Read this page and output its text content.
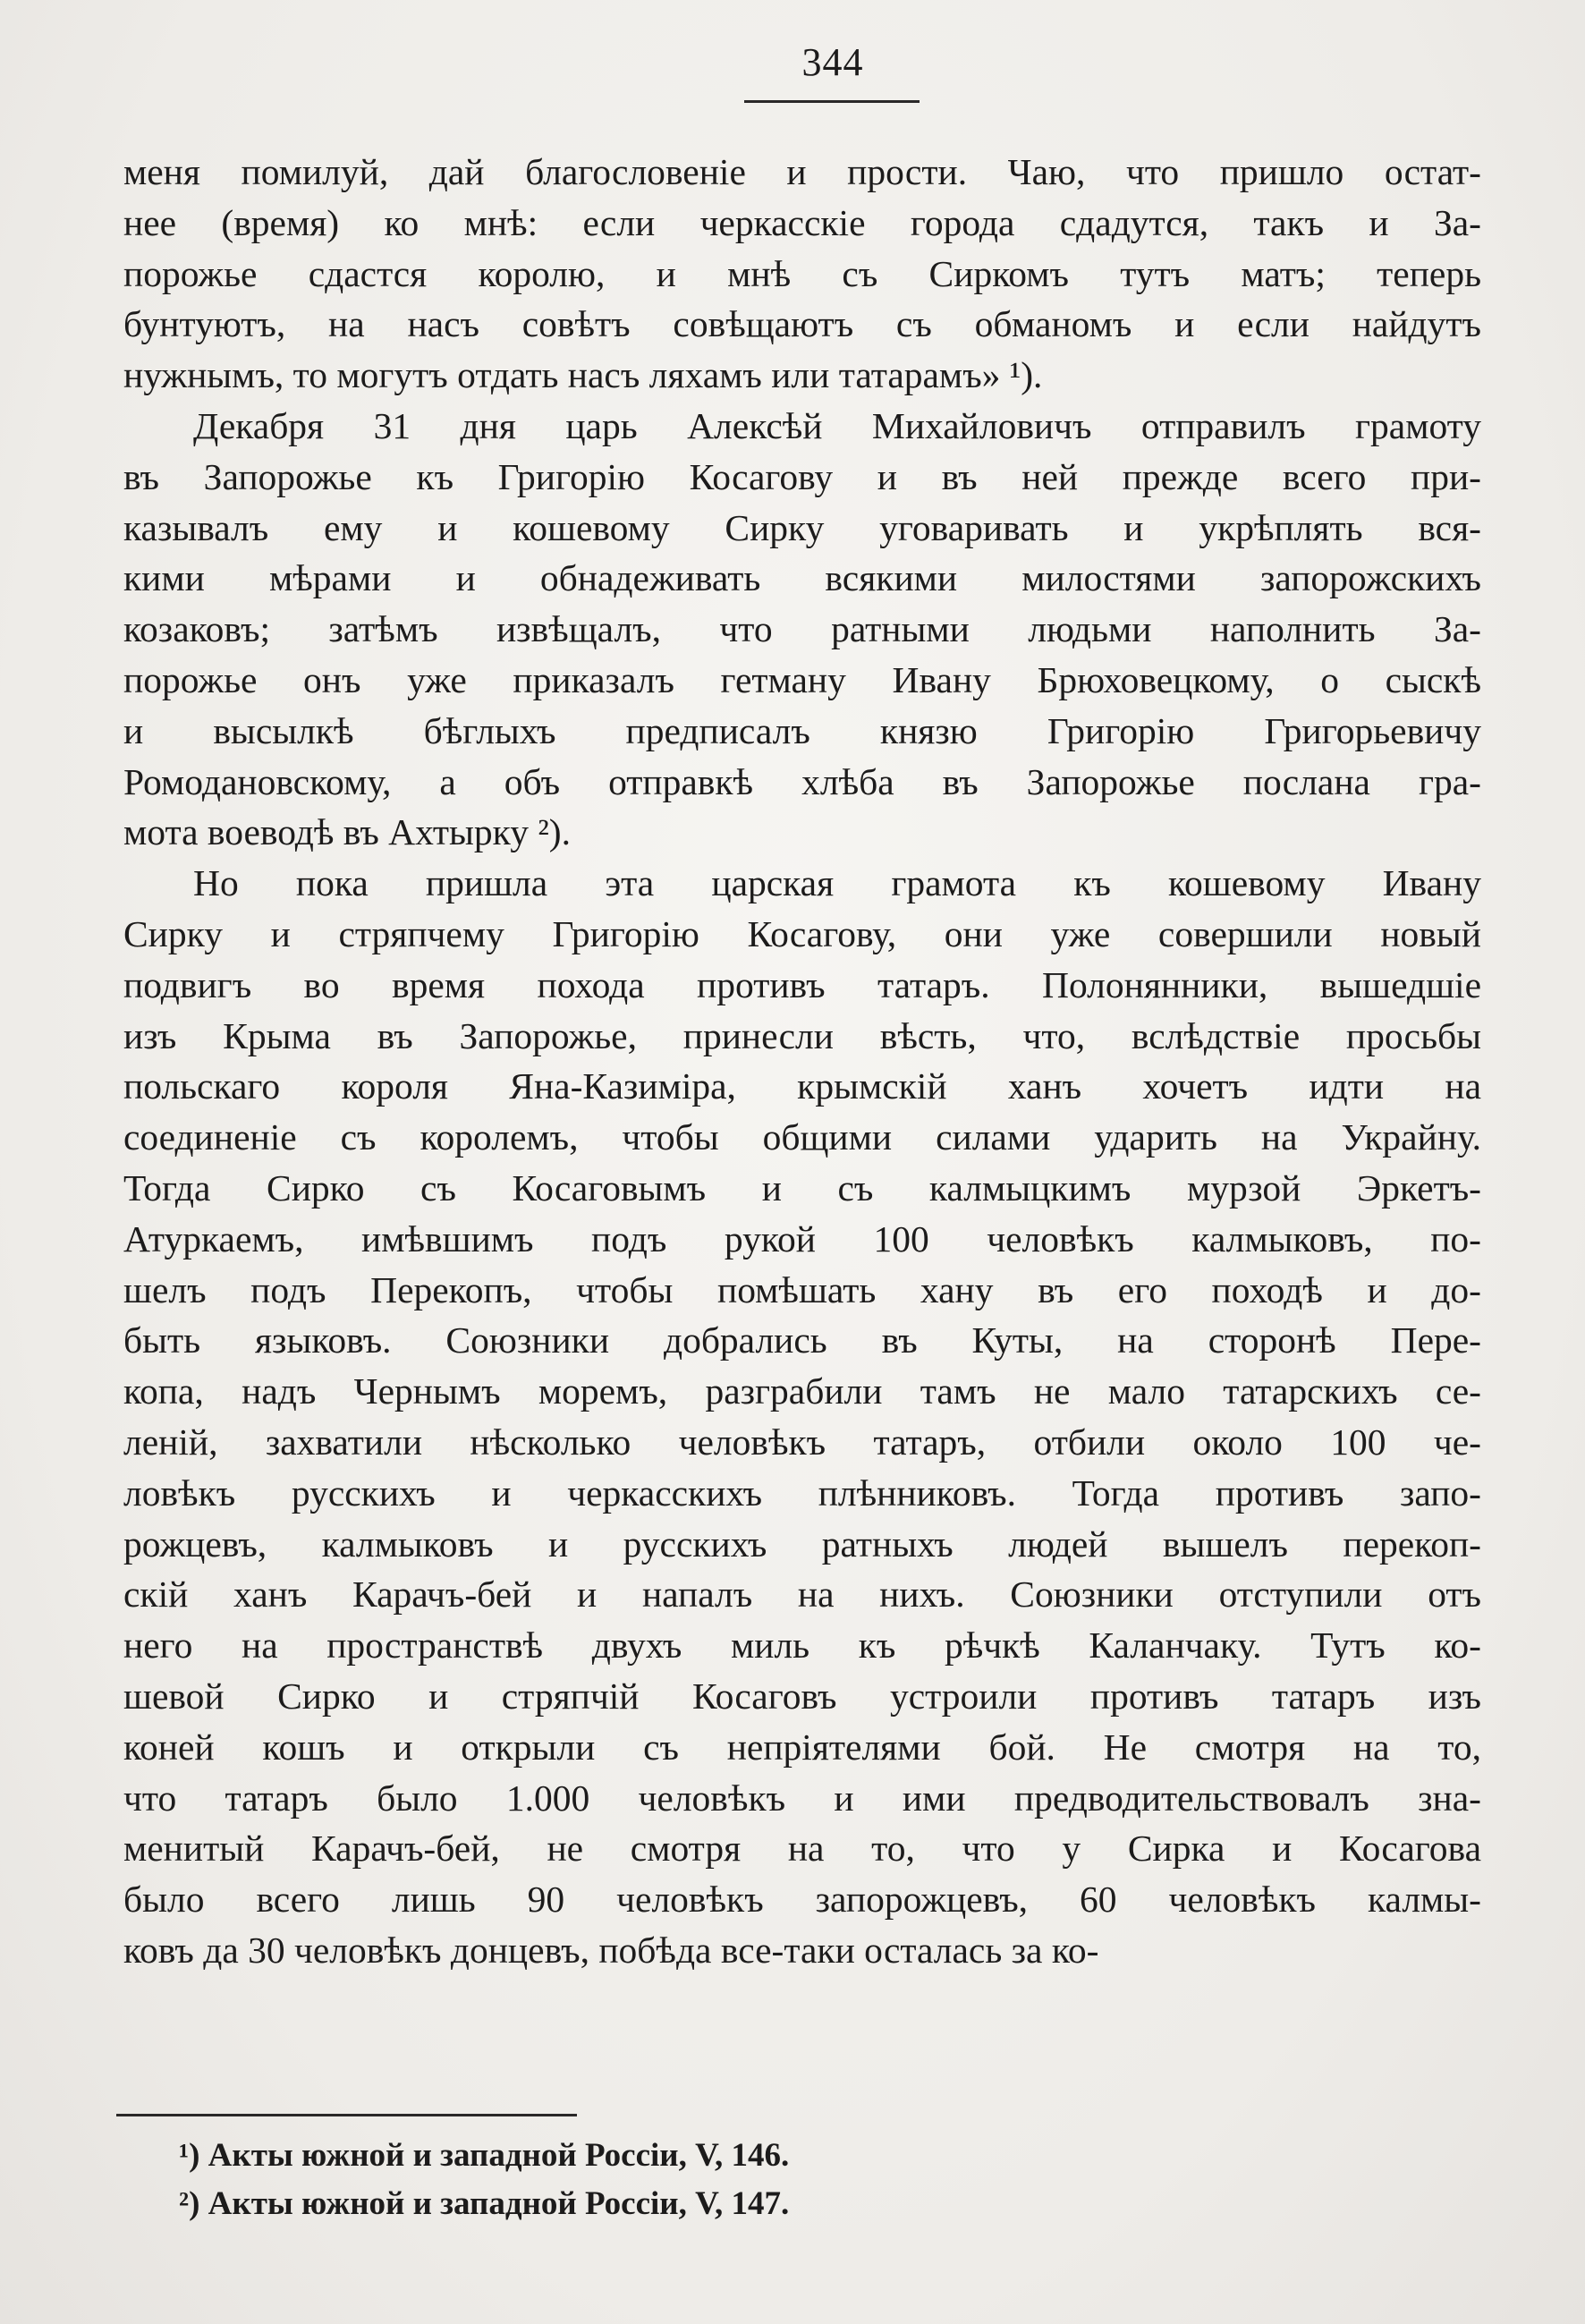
344
меня помилуй, дай благословеніе и прости. Чаю, что пришло остат-
нее (время) ко мнѣ: если черкасскіе города сдадутся, такъ и За-
порожье сдастся королю, и мнѣ съ Сиркомъ тутъ матъ; теперь
бунтуютъ, на насъ совѣтъ совѣщаютъ съ обманомъ и если найдутъ
нужнымъ, то могутъ отдать насъ ляхамъ или татарамъ» ¹).
Декабря 31 дня царь Алексѣй Михайловичъ отправилъ грамоту
въ Запорожье къ Григорію Косагову и въ ней прежде всего при-
казывалъ ему и кошевому Сирку уговаривать и укрѣплять вся-
кими мѣрами и обнадеживать всякими милостями запорожскихъ
козаковъ; затѣмъ извѣщалъ, что ратными людьми наполнить За-
порожье онъ уже приказалъ гетману Ивану Брюховецкому, о сыскѣ
и высылкѣ бѣглыхъ предписалъ князю Григорію Григорьевичу
Ромодановскому, а объ отправкѣ хлѣба въ Запорожье послана гра-
мота воеводѣ въ Ахтырку ²).
Но пока пришла эта царская грамота къ кошевому Ивану
Сирку и стряпчему Григорію Косагову, они уже совершили новый
подвигъ во время похода противъ татаръ. Полонянники, вышедшіе
изъ Крыма въ Запорожье, принесли вѣсть, что, вслѣдствіе просьбы
польскаго короля Яна-Казиміра, крымскій ханъ хочетъ идти на
соединеніе съ королемъ, чтобы общими силами ударить на Украйну.
Тогда Сирко съ Косаговымъ и съ калмыцкимъ мурзой Эркетъ-
Атуркаемъ, имѣвшимъ подъ рукой 100 человѣкъ калмыковъ, по-
шелъ подъ Перекопъ, чтобы помѣшать хану въ его походѣ и до-
быть языковъ. Союзники добрались въ Куты, на сторонѣ Пере-
копа, надъ Чернымъ моремъ, разграбили тамъ не мало татарскихъ се-
леній, захватили нѣсколько человѣкъ татаръ, отбили около 100 че-
ловѣкъ русскихъ и черкасскихъ плѣнниковъ. Тогда противъ запо-
рожцевъ, калмыковъ и русскихъ ратныхъ людей вышелъ перекоп-
скій ханъ Карачъ-бей и напалъ на нихъ. Союзники отступили отъ
него на пространствѣ двухъ миль къ рѣчкѣ Каланчаку. Тутъ ко-
шевой Сирко и стряпчій Косаговъ устроили противъ татаръ изъ
коней кошъ и открыли съ непріятелями бой. Не смотря на то,
что татаръ было 1.000 человѣкъ и ими предводительствовалъ зна-
менитый Карачъ-бей, не смотря на то, что у Сирка и Косагова
было всего лишь 90 человѣкъ запорожцевъ, 60 человѣкъ калмы-
ковъ да 30 человѣкъ донцевъ, побѣда все-таки осталась за ко-
¹) Акты южной и западной Россіи, V, 146.
²) Акты южной и западной Россіи, V, 147.
